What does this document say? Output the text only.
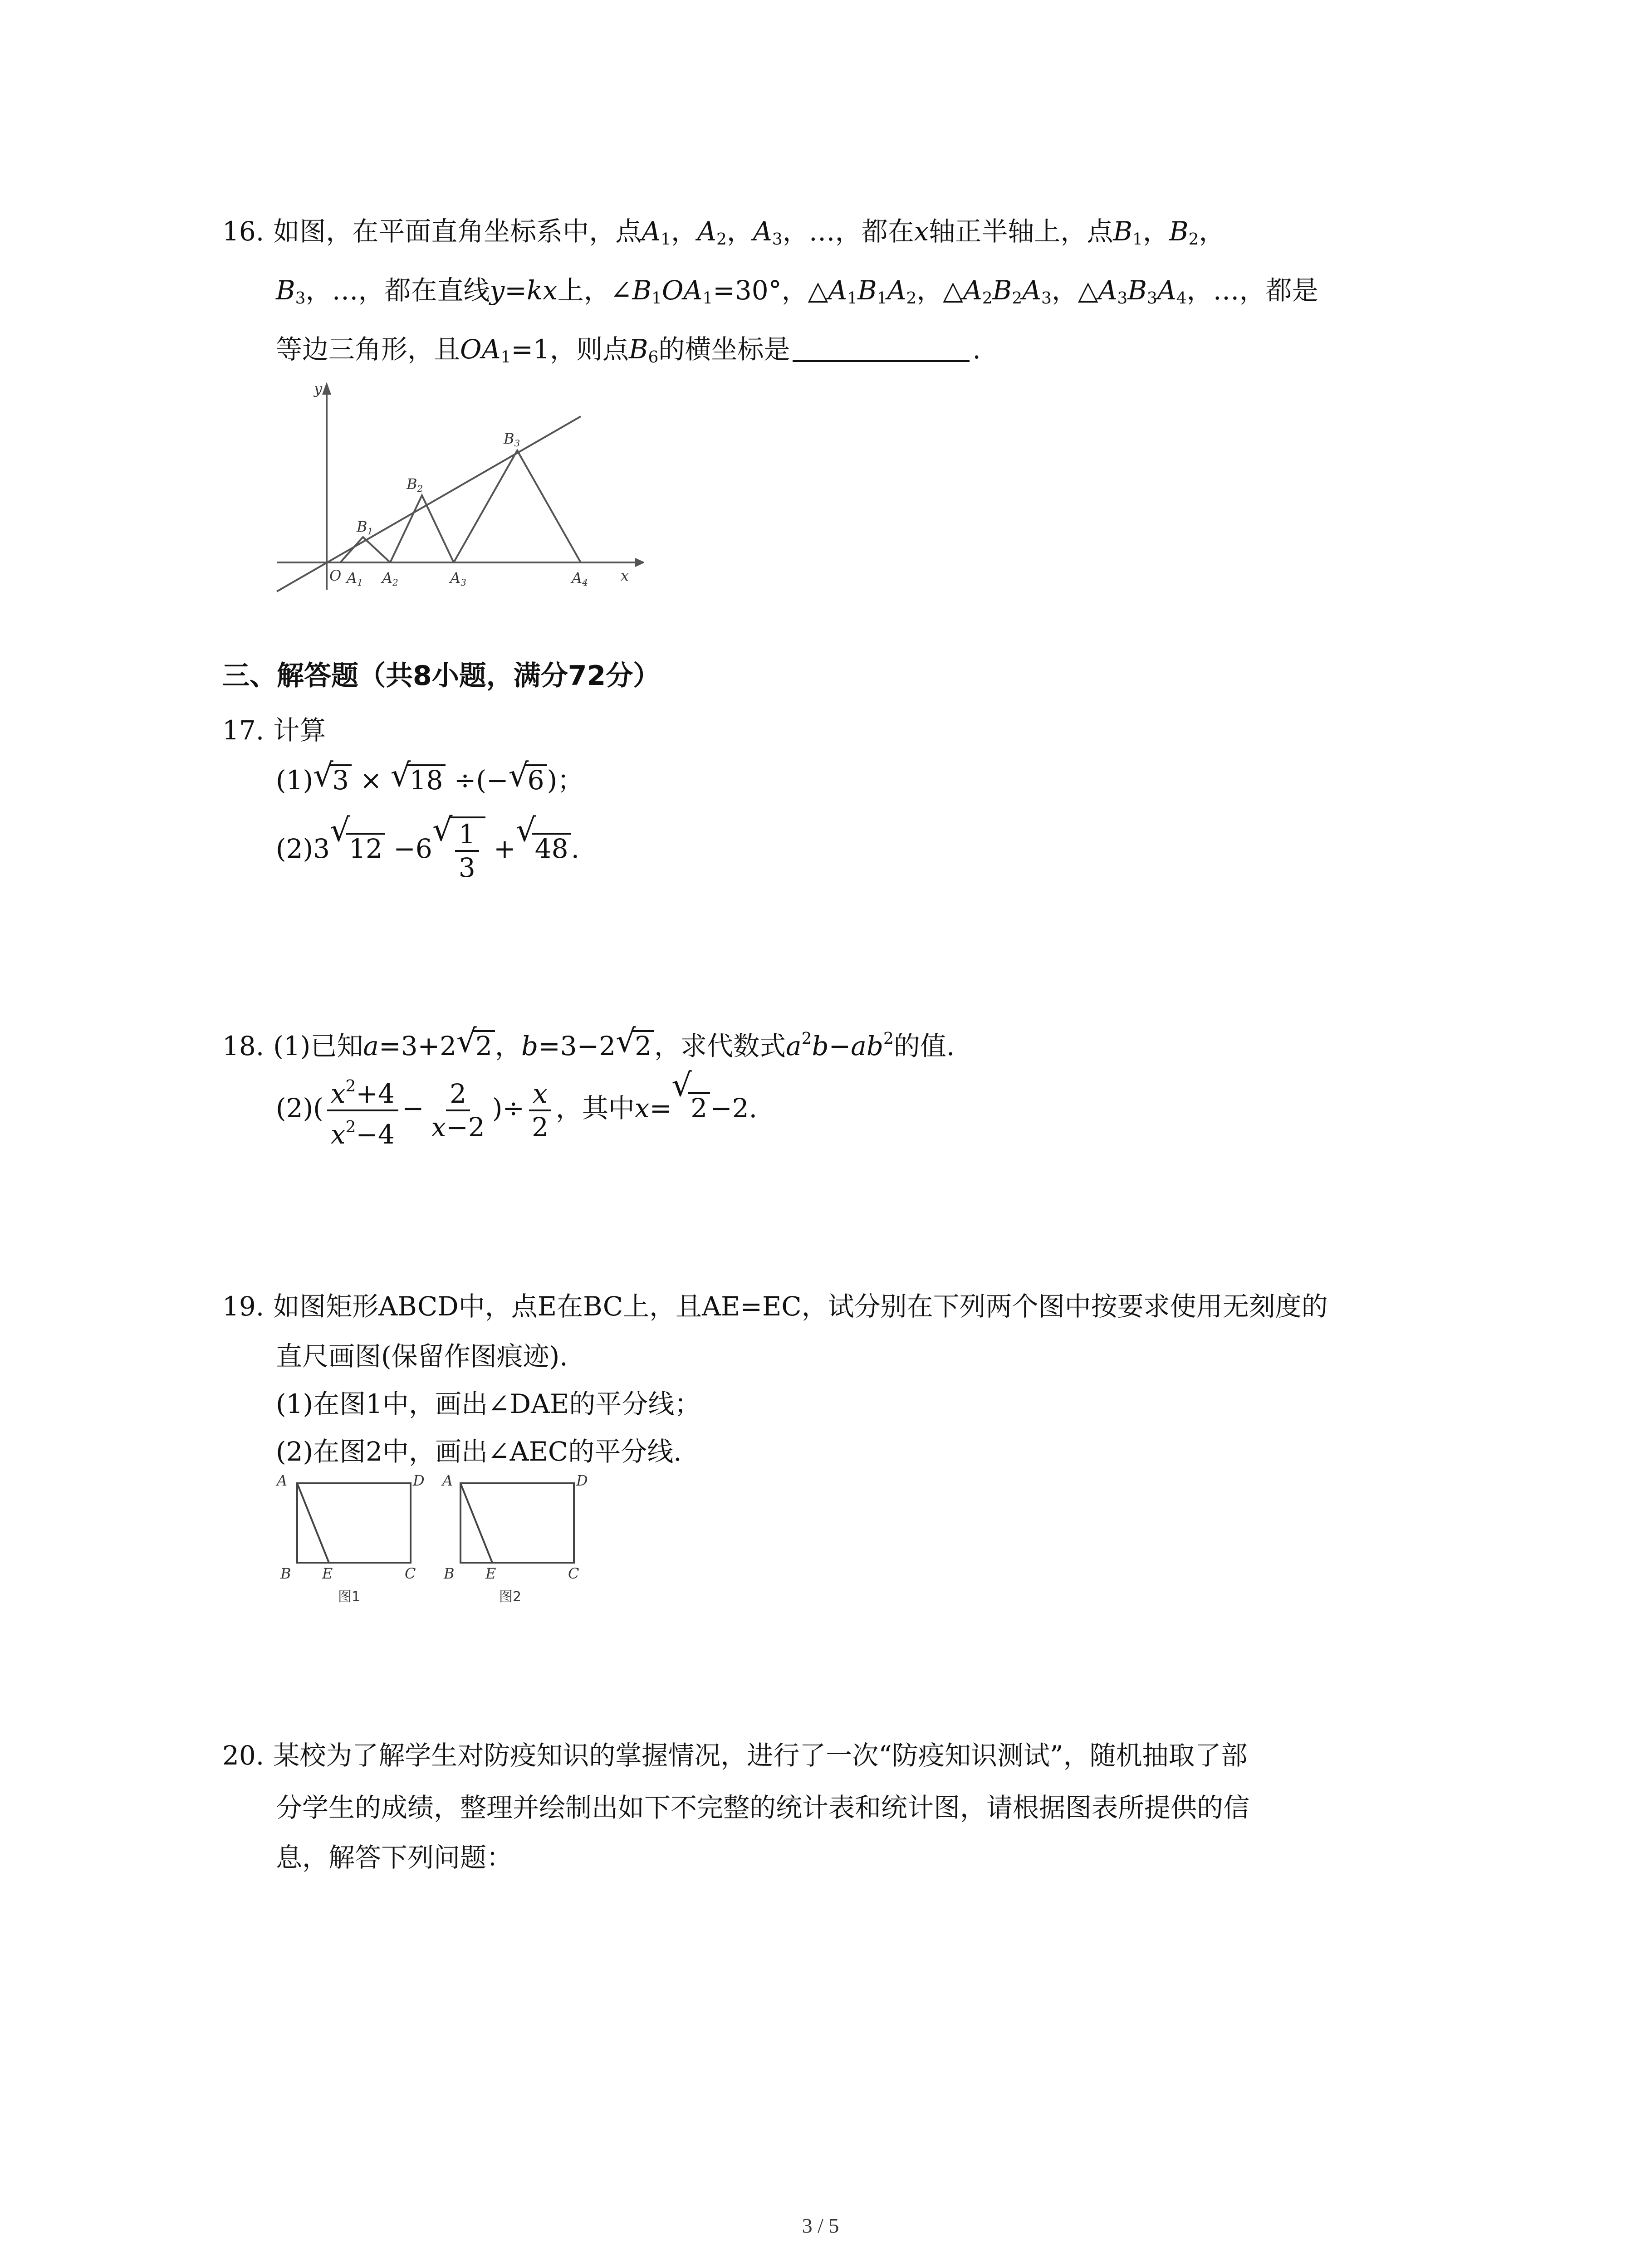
16. 如图，在平面直角坐标系中，点$A_1$，$A_2$，$A_3$，…，都在x轴正半轴上，点$B_1$，$B_2$，
$B_3$，…，都在直线y=kx上，$\angle B_1OA_1=30^\circ$，$\triangle A_1B_1A_2$，$\triangle A_2B_2A_3$，$\triangle A_3B_3A_4$，…，都是
等边三角形，且$OA_1=1$，则点$B_6$的横坐标是	.
y
x
O A1 A2	A3	A4
B1
B2
B3
三、解答题（共8小题，满分72分）
17. 计算
(1) √
3 × √
18 ÷(− √
6 )；
(2)3 √
12 −6
√ $\frac{1}{3}$ + √
48 .
18. (1)已知a=3+2 √
2 ，b=3−2 √
2 ，求代数式$a^2b-ab^2$的值.
$(2)( \frac{x^2+4}{x^2-4} - \frac{2}{x-2}$ )÷ $\frac{x}{2}$ ，其中x=
√
2 −2.
19. 如图矩形ABCD中，点E在BC上，且AE=EC，试分别在下列两个图中按要求使用无刻度的
直尺画图(保留作图痕迹).
(1)在图1中，画出∠DAE的平分线；
(2)在图2中，画出∠AEC的平分线.
A	D
B E	C
A	D
B E	C
图1	图2
20. 某校为了解学生对防疫知识的掌握情况，进行了一次“防疫知识测试”，随机抽取了部
分学生的成绩，整理并绘制出如下不完整的统计表和统计图，请根据图表所提供的信
息，解答下列问题：
3 / 5
